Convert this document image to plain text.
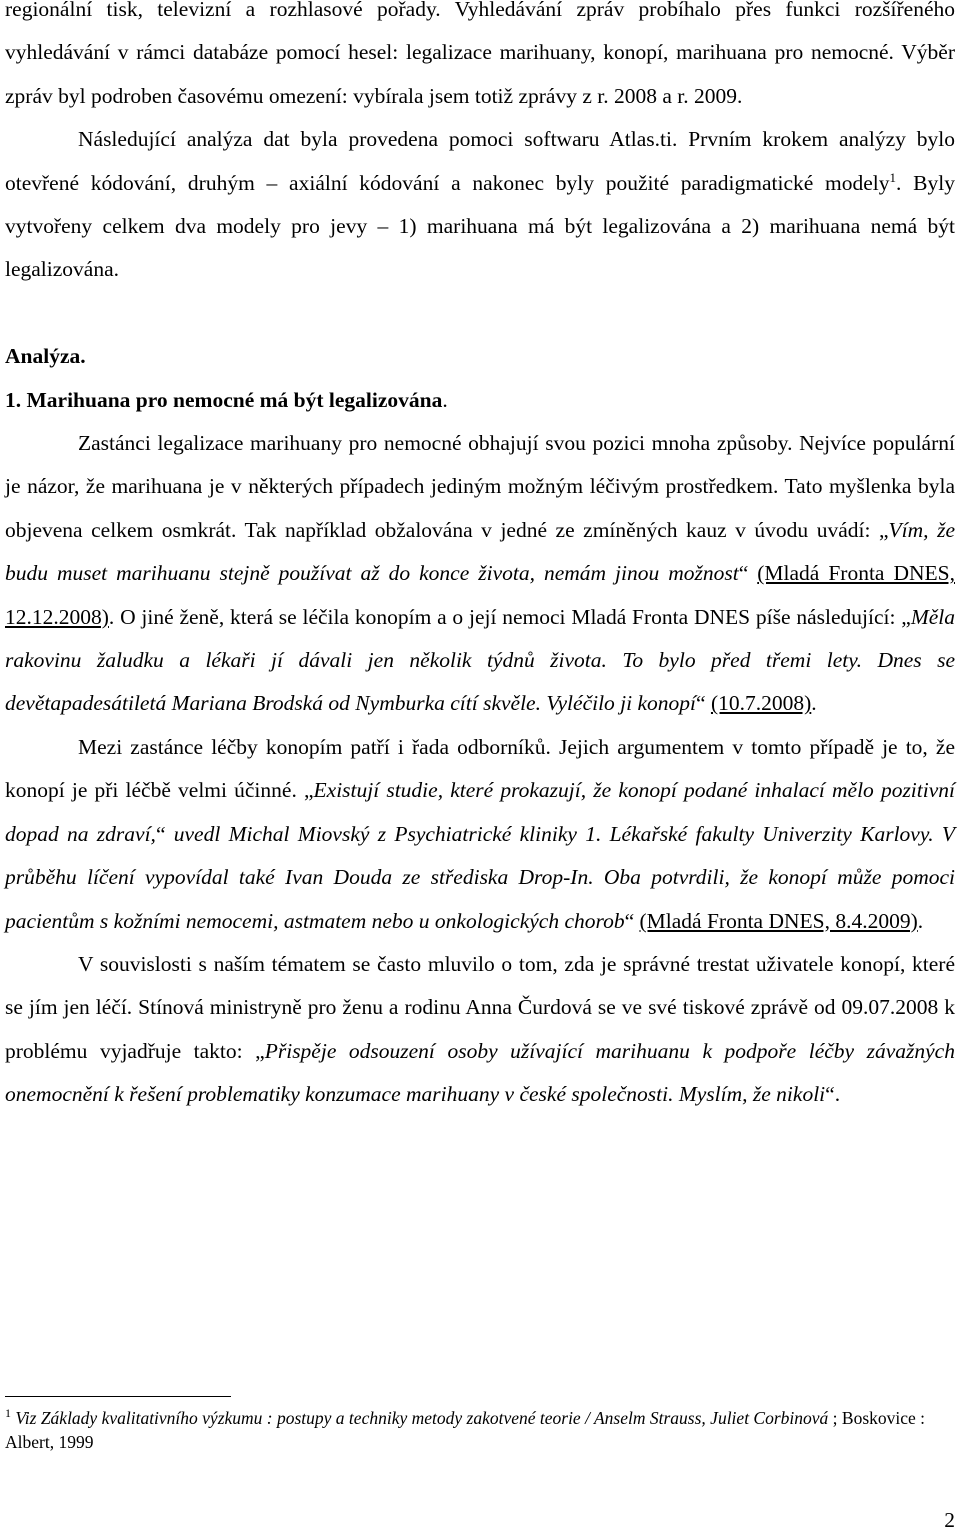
regionální tisk, televizní a rozhlasové pořady. Vyhledávání zpráv probíhalo přes funkci rozšířeného vyhledávání v rámci databáze pomocí hesel: legalizace marihuany, konopí, marihuana pro nemocné. Výběr zpráv byl podroben časovému omezení: vybírala jsem totiž zprávy z r. 2008 a r. 2009.

Následující analýza dat byla provedena pomoci softwaru Atlas.ti. Prvním krokem analýzy bylo otevřené kódování, druhým – axiální kódování a nakonec byly použité paradigmatické modely$^1$. Byly vytvořeny celkem dva modely pro jevy – 1) marihuana má být legalizována a 2) marihuana nemá být legalizována.

Analýza.

1. Marihuana pro nemocné má být legalizována.

Zastánci legalizace marihuany pro nemocné obhajují svou pozici mnoha způsoby. Nejvíce populární je názor, že marihuana je v některých případech jediným možným léčivým prostředkem. Tato myšlenka byla objevena celkem osmkrát. Tak například obžalována v jedné ze zmíněných kauz v úvodu uvádí: „Vím, že budu muset marihuanu stejně používat až do konce života, nemám jinou možnost“ (Mladá Fronta DNES, 12.12.2008). O jiné ženě, která se léčila konopím a o její nemoci Mladá Fronta DNES píše následující: „Měla rakovinu žaludku a lékaři jí dávali jen několik týdnů života. To bylo před třemi lety. Dnes se devětapadesátiletá Mariana Brodská od Nymburka cítí skvěle. Vyléčilo ji konopí“ (10.7.2008).

Mezi zastánce léčby konopím patří i řada odborníků. Jejich argumentem v tomto případě je to, že konopí je při léčbě velmi účinné. „Existují studie, které prokazují, že konopí podané inhalací mělo pozitivní dopad na zdraví,“ uvedl Michal Miovský z Psychiatrické kliniky 1. Lékařské fakulty Univerzity Karlovy. V průběhu líčení vypovídal také Ivan Douda ze střediska Drop-In. Oba potvrdili, že konopí může pomoci pacientům s kožními nemocemi, astmatem nebo u onkologických chorob“ (Mladá Fronta DNES, 8.4.2009).

V souvislosti s naším tématem se často mluvilo o tom, zda je správné trestat uživatele konopí, které se jím jen léčí. Stínová ministryně pro ženu a rodinu Anna Čurdová se ve své tiskové zprávě od 09.07.2008 k problému vyjadřuje takto: „Přispěje odsouzení osoby užívající marihuanu k podpoře léčby závažných onemocnění k řešení problematiky konzumace marihuany v české společnosti. Myslím, že nikoli“.

$^1$ Viz Základy kvalitativního výzkumu : postupy a techniky metody zakotvené teorie / Anselm Strauss, Juliet Corbinová ; Boskovice : Albert, 1999

2
